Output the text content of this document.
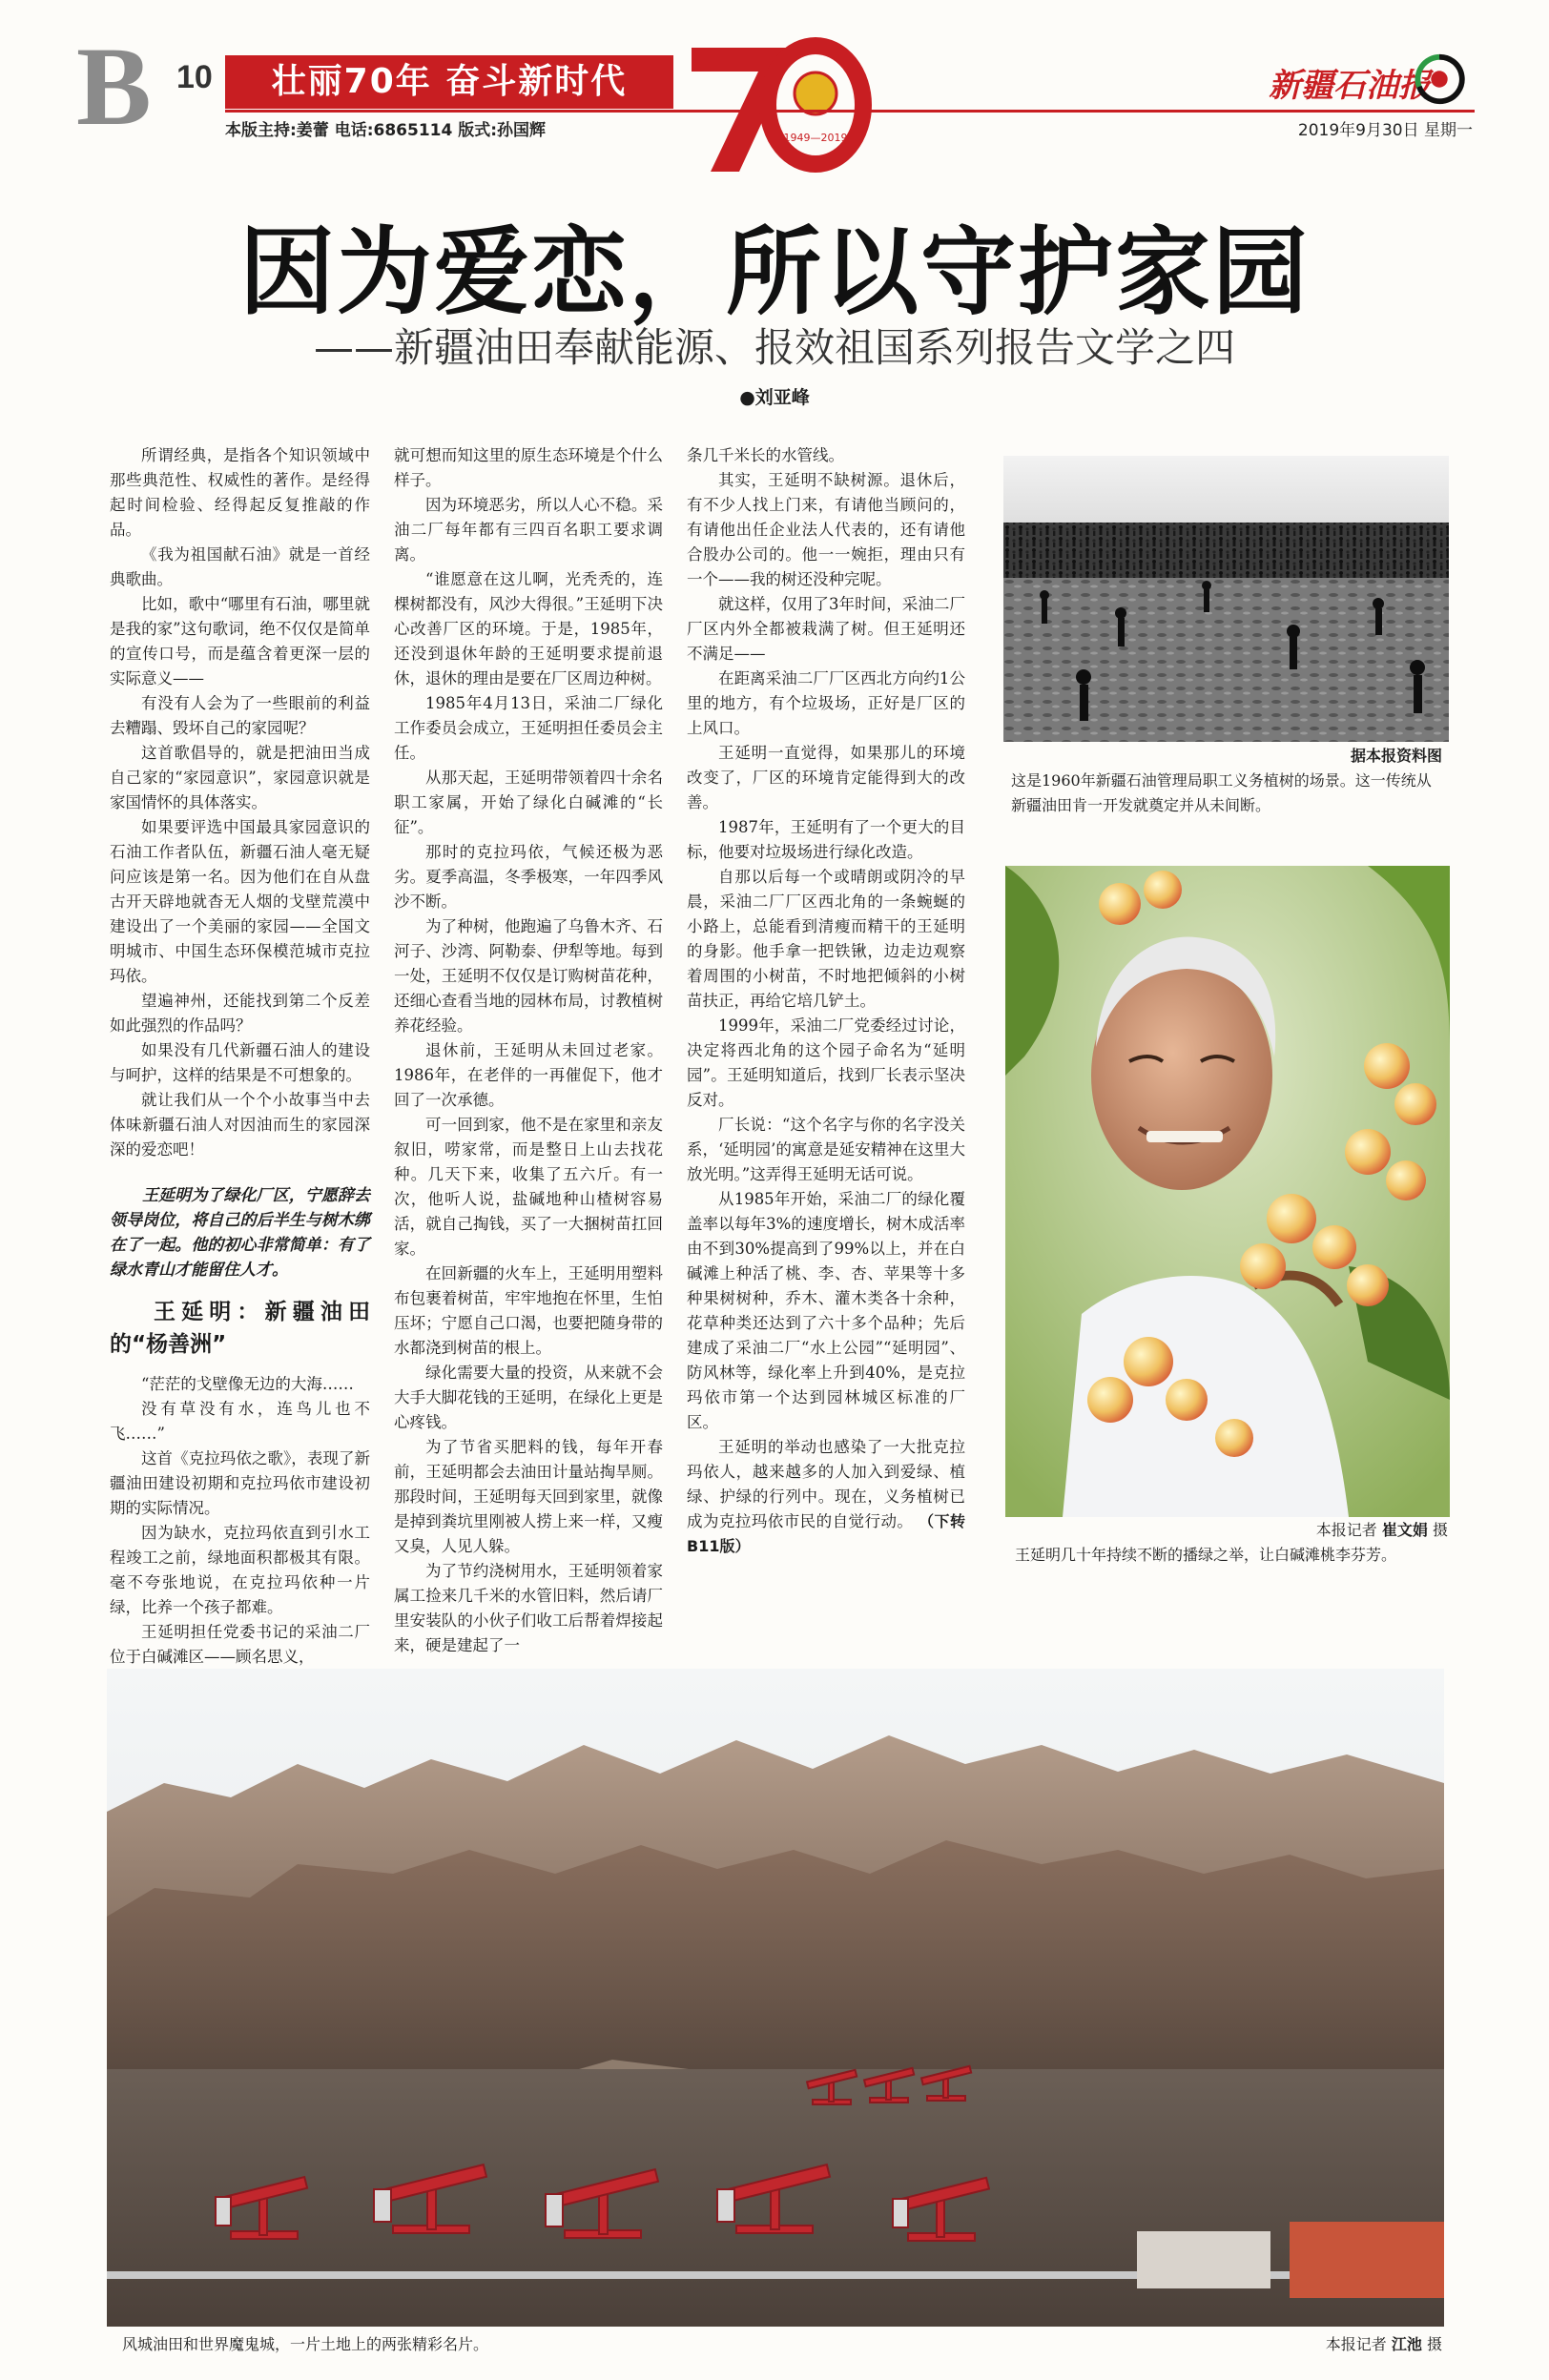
B 10	壮丽70年 奋斗新时代
1949—2019
本版主持:姜蕾 电话:6865114 版式:孙国辉
新疆石油报
2019年9月30日 星期一
因为爱恋，所以守护家园
——新疆油田奉献能源、报效祖国系列报告文学之四
●刘亚峰

所谓经典，是指各个知识领域中那些典范性、权威性的著作。是经得起时间检验、经得起反复推敲的作品。

《我为祖国献石油》就是一首经典歌曲。

比如，歌中“哪里有石油，哪里就是我的家”这句歌词，绝不仅仅是简单的宣传口号，而是蕴含着更深一层的实际意义——

有没有人会为了一些眼前的利益去糟蹋、毁坏自己的家园呢？

这首歌倡导的，就是把油田当成自己家的“家园意识”，家园意识就是家国情怀的具体落实。

如果要评选中国最具家园意识的石油工作者队伍，新疆石油人毫无疑问应该是第一名。因为他们在自从盘古开天辟地就杳无人烟的戈壁荒漠中建设出了一个美丽的家园——全国文明城市、中国生态环保模范城市克拉玛依。

望遍神州，还能找到第二个反差如此强烈的作品吗？

如果没有几代新疆石油人的建设与呵护，这样的结果是不可想象的。

就让我们从一个个小故事当中去体味新疆石油人对因油而生的家园深深的爱恋吧！

王延明为了绿化厂区，宁愿辞去领导岗位，将自己的后半生与树木绑在了一起。他的初心非常简单：有了绿水青山才能留住人才。

王延明：新疆油田的“杨善洲”

“茫茫的戈壁像无边的大海……

没有草没有水，连鸟儿也不飞……”

这首《克拉玛依之歌》，表现了新疆油田建设初期和克拉玛依市建设初期的实际情况。

因为缺水，克拉玛依直到引水工程竣工之前，绿地面积都极其有限。毫不夸张地说，在克拉玛依种一片绿，比养一个孩子都难。

王延明担任党委书记的采油二厂位于白碱滩区——顾名思义，

就可想而知这里的原生态环境是个什么样子。

因为环境恶劣，所以人心不稳。采油二厂每年都有三四百名职工要求调离。

“谁愿意在这儿啊，光秃秃的，连棵树都没有，风沙大得很。”王延明下决心改善厂区的环境。于是，1985年，还没到退休年龄的王延明要求提前退休，退休的理由是要在厂区周边种树。

1985年4月13日，采油二厂绿化工作委员会成立，王延明担任委员会主任。

从那天起，王延明带领着四十余名职工家属，开始了绿化白碱滩的“长征”。

那时的克拉玛依，气候还极为恶劣。夏季高温，冬季极寒，一年四季风沙不断。

为了种树，他跑遍了乌鲁木齐、石河子、沙湾、阿勒泰、伊犁等地。每到一处，王延明不仅仅是订购树苗花种，还细心查看当地的园林布局，讨教植树养花经验。

退休前，王延明从未回过老家。1986年，在老伴的一再催促下，他才回了一次承德。

可一回到家，他不是在家里和亲友叙旧，唠家常，而是整日上山去找花种。几天下来，收集了五六斤。有一次，他听人说，盐碱地种山楂树容易活，就自己掏钱，买了一大捆树苗扛回家。

在回新疆的火车上，王延明用塑料布包裹着树苗，牢牢地抱在怀里，生怕压坏；宁愿自己口渴，也要把随身带的水都浇到树苗的根上。

绿化需要大量的投资，从来就不会大手大脚花钱的王延明，在绿化上更是心疼钱。

为了节省买肥料的钱，每年开春前，王延明都会去油田计量站掏旱厕。那段时间，王延明每天回到家里，就像是掉到粪坑里刚被人捞上来一样，又瘦又臭，人见人躲。

为了节约浇树用水，王延明领着家属工捡来几千米的水管旧料，然后请厂里安装队的小伙子们收工后帮着焊接起来，硬是建起了一

条几千米长的水管线。

其实，王延明不缺树源。退休后，有不少人找上门来，有请他当顾问的，有请他出任企业法人代表的，还有请他合股办公司的。他一一婉拒，理由只有一个——我的树还没种完呢。

就这样，仅用了3年时间，采油二厂厂区内外全都被栽满了树。但王延明还不满足——

在距离采油二厂厂区西北方向约1公里的地方，有个垃圾场，正好是厂区的上风口。

王延明一直觉得，如果那儿的环境改变了，厂区的环境肯定能得到大的改善。

1987年，王延明有了一个更大的目标，他要对垃圾场进行绿化改造。

自那以后每一个或晴朗或阴冷的早晨，采油二厂厂区西北角的一条蜿蜒的小路上，总能看到清瘦而精干的王延明的身影。他手拿一把铁锹，边走边观察着周围的小树苗，不时地把倾斜的小树苗扶正，再给它培几铲土。

1999年，采油二厂党委经过讨论，决定将西北角的这个园子命名为“延明园”。王延明知道后，找到厂长表示坚决反对。

厂长说：“这个名字与你的名字没关系，‘延明园’的寓意是延安精神在这里大放光明。”这弄得王延明无话可说。

从1985年开始，采油二厂的绿化覆盖率以每年3%的速度增长，树木成活率由不到30%提高到了99%以上，并在白碱滩上种活了桃、李、杏、苹果等十多种果树树种，乔木、灌木类各十余种，花草种类还达到了六十多个品种；先后建成了采油二厂“水上公园”“延明园”、防风林等，绿化率上升到40%，是克拉玛依市第一个达到园林城区标准的厂区。

王延明的举动也感染了一大批克拉玛依人，越来越多的人加入到爱绿、植绿、护绿的行列中。现在，义务植树已成为克拉玛依市民的自觉行动。 （下转B11版）

据本报资料图
这是1960年新疆石油管理局职工义务植树的场景。这一传统从新疆油田肯一开发就奠定并从未间断。
本报记者 崔文娟 摄
王延明几十年持续不断的播绿之举，让白碱滩桃李芬芳。
风城油田和世界魔鬼城，一片土地上的两张精彩名片。	本报记者 江池 摄
